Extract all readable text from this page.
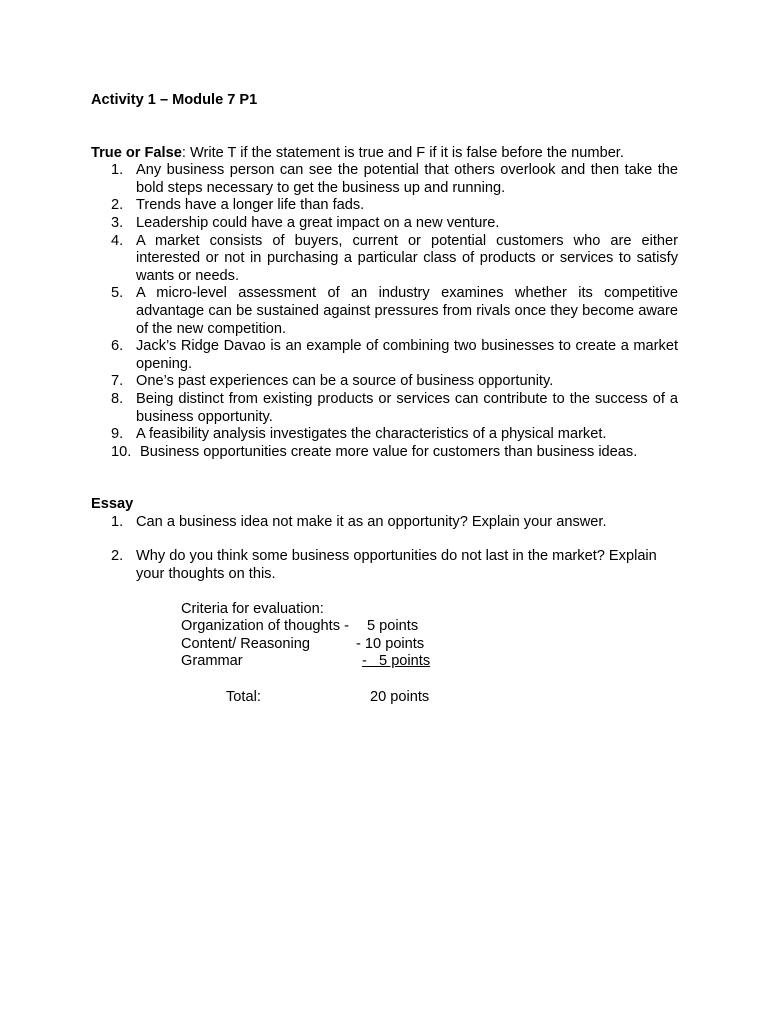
Activity 1 – Module 7 P1

True or False: Write T if the statement is true and F if it is false before the number.
1. Any business person can see the potential that others overlook and then take the bold steps necessary to get the business up and running.
2. Trends have a longer life than fads.
3. Leadership could have a great impact on a new venture.
4. A market consists of buyers, current or potential customers who are either interested or not in purchasing a particular class of products or services to satisfy wants or needs.
5. A micro-level assessment of an industry examines whether its competitive advantage can be sustained against pressures from rivals once they become aware of the new competition.
6. Jack’s Ridge Davao is an example of combining two businesses to create a market opening.
7. One’s past experiences can be a source of business opportunity.
8. Being distinct from existing products or services can contribute to the success of a business opportunity.
9. A feasibility analysis investigates the characteristics of a physical market.
10. Business opportunities create more value for customers than business ideas.
Essay
1. Can a business idea not make it as an opportunity? Explain your answer.
2. Why do you think some business opportunities do not last in the market? Explain your thoughts on this.
Criteria for evaluation:
Organization of thoughts - 5 points
Content/ Reasoning	- 10 points
Grammar	-   5 points
Total:	20 points
